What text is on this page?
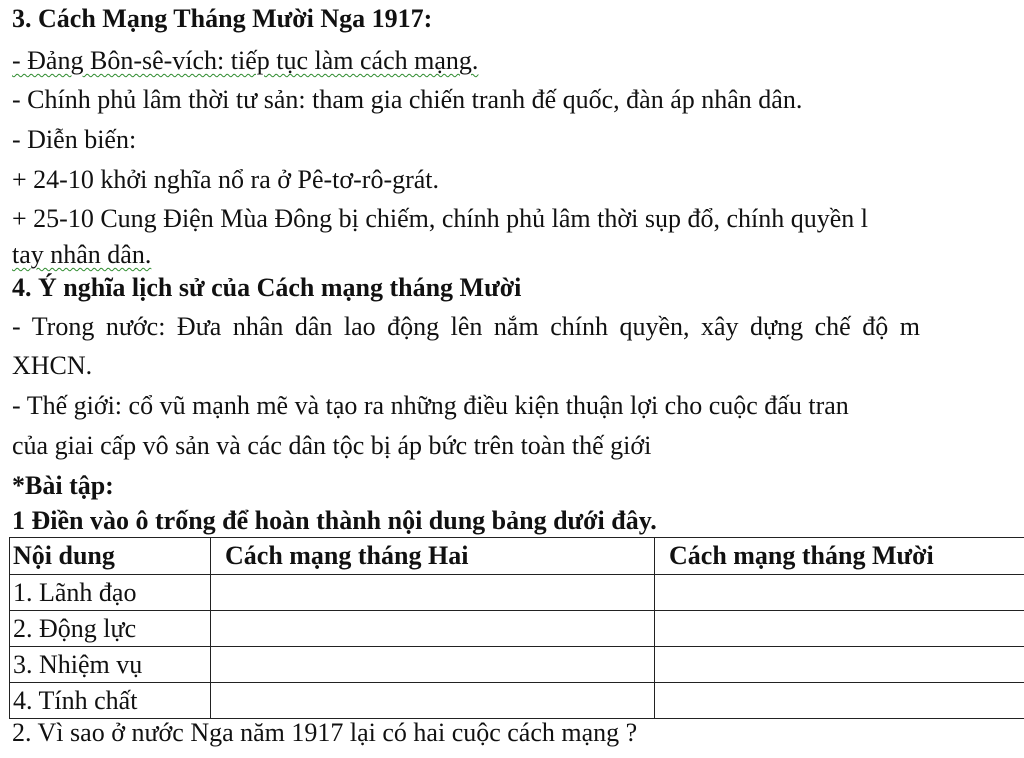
3. Cách Mạng Tháng Mười Nga 1917:
- Đảng Bôn-sê-vích: tiếp tục làm cách mạng.
- Chính phủ lâm thời tư sản: tham gia chiến tranh đế quốc, đàn áp nhân dân.
- Diễn biến:
+ 24-10 khởi nghĩa nổ ra ở Pê-tơ-rô-grát.
+ 25-10 Cung Điện Mùa Đông bị chiếm, chính phủ lâm thời sụp đổ, chính quyền l
tay nhân dân.
4. Ý nghĩa lịch sử của Cách mạng tháng Mười
- Trong nước: Đưa nhân dân lao động lên nắm chính quyền, xây dựng chế độ m
XHCN.
- Thế giới: cổ vũ mạnh mẽ và tạo ra những điều kiện thuận lợi cho cuộc đấu tran
của giai cấp vô sản và các dân tộc bị áp bức trên toàn thế giới
*Bài tập:
1 Điền vào ô trống để hoàn thành nội dung bảng dưới đây.
Nội dung	Cách mạng tháng Hai	Cách mạng tháng Mười
1. Lãnh đạo		
2. Động lực		
3. Nhiệm vụ		
4. Tính chất		
2. Vì sao ở nước Nga năm 1917 lại có hai cuộc cách mạng ?
